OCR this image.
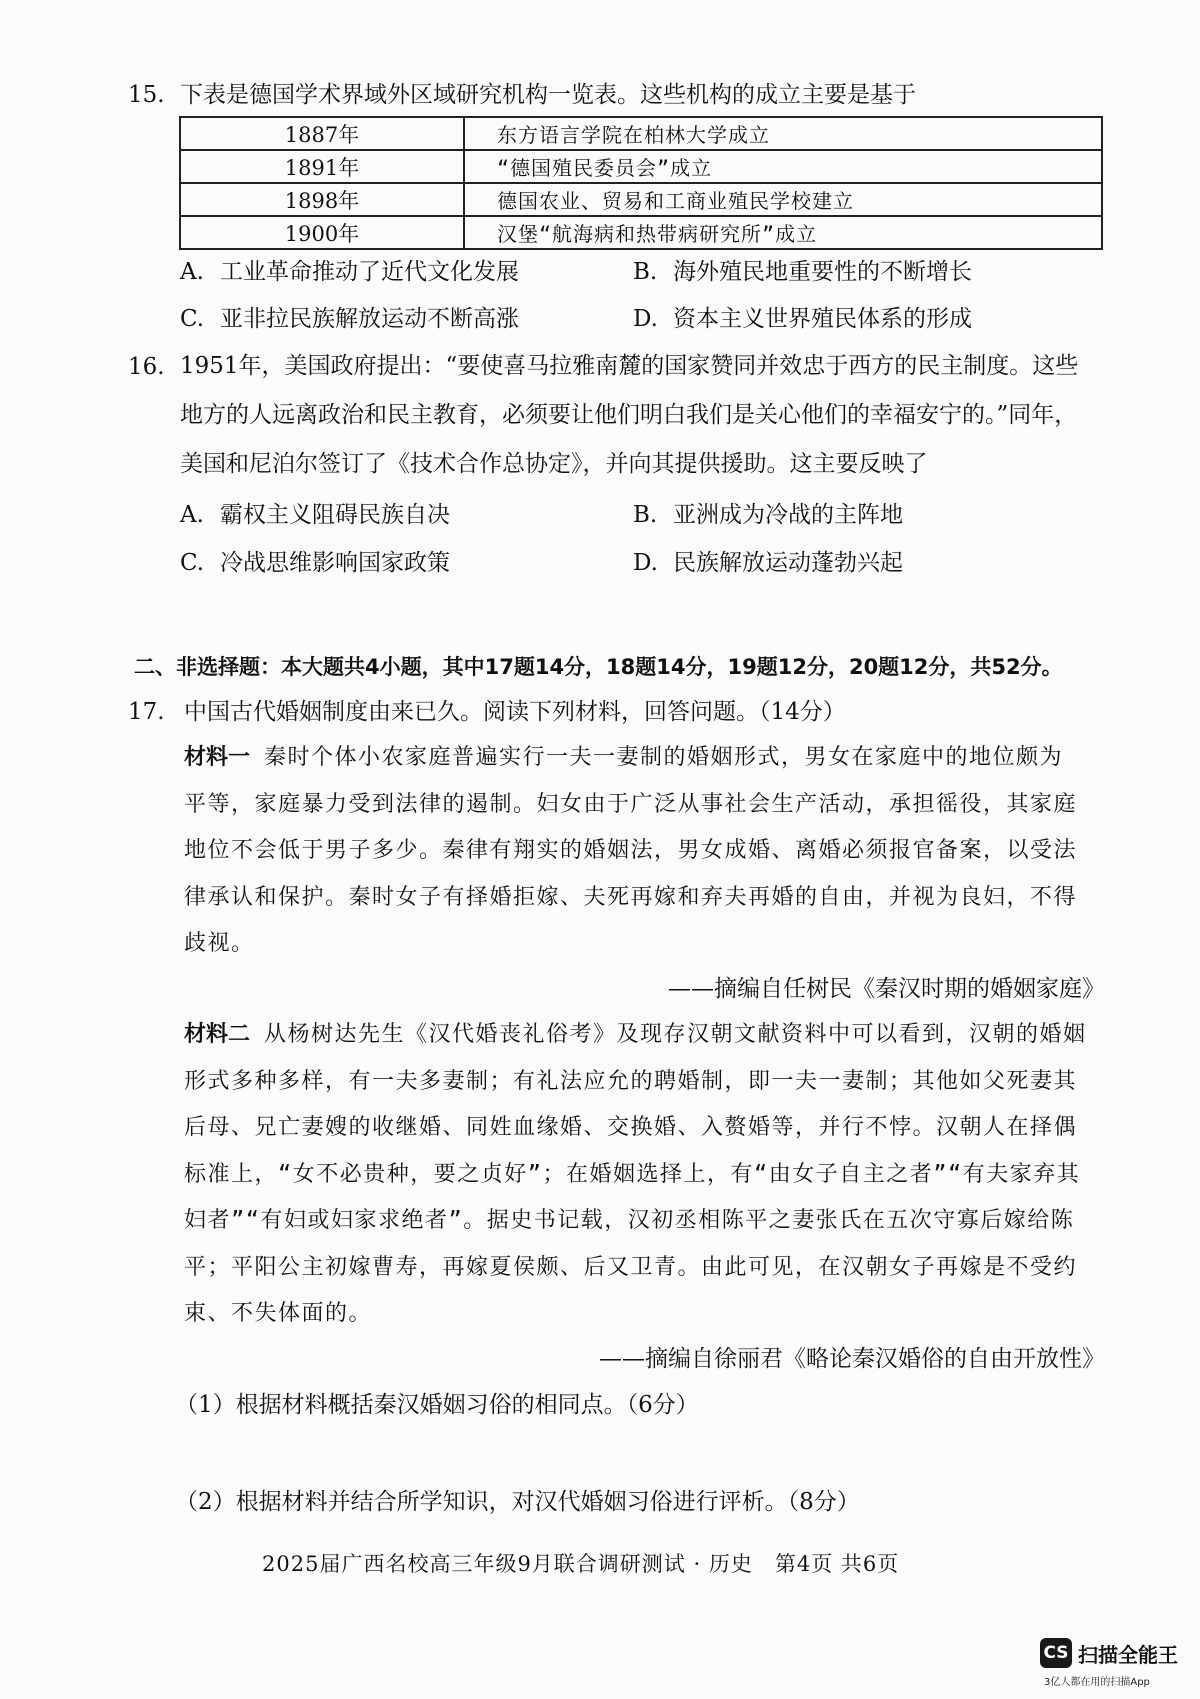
15. 下表是德国学术界域外区域研究机构一览表。这些机构的成立主要是基于
1887年	东方语言学院在柏林大学成立
1891年	“德国殖民委员会”成立
1898年	德国农业、贸易和工商业殖民学校建立
1900年	汉堡“航海病和热带病研究所”成立
A. 工业革命推动了近代文化发展	B. 海外殖民地重要性的不断增长
C. 亚非拉民族解放运动不断高涨	D. 资本主义世界殖民体系的形成
16. 1951年，美国政府提出：“要使喜马拉雅南麓的国家赞同并效忠于西方的民主制度。这些
地方的人远离政治和民主教育，必须要让他们明白我们是关心他们的幸福安宁的。”同年，
美国和尼泊尔签订了《技术合作总协定》，并向其提供援助。这主要反映了
A. 霸权主义阻碍民族自决	B. 亚洲成为冷战的主阵地
C. 冷战思维影响国家政策	D. 民族解放运动蓬勃兴起
二、非选择题：本大题共4小题，其中17题14分，18题14分，19题12分，20题12分，共52分。
17. 中国古代婚姻制度由来已久。阅读下列材料，回答问题。（14分）
材料一 秦时个体小农家庭普遍实行一夫一妻制的婚姻形式，男女在家庭中的地位颇为
平等，家庭暴力受到法律的遏制。妇女由于广泛从事社会生产活动，承担徭役，其家庭
地位不会低于男子多少。秦律有翔实的婚姻法，男女成婚、离婚必须报官备案，以受法
律承认和保护。秦时女子有择婚拒嫁、夫死再嫁和弃夫再婚的自由，并视为良妇，不得
歧视。
——摘编自任树民《秦汉时期的婚姻家庭》
材料二 从杨树达先生《汉代婚丧礼俗考》及现存汉朝文献资料中可以看到，汉朝的婚姻
形式多种多样，有一夫多妻制；有礼法应允的聘婚制，即一夫一妻制；其他如父死妻其
后母、兄亡妻嫂的收继婚、同姓血缘婚、交换婚、入赘婚等，并行不悖。汉朝人在择偶
标准上，“女不必贵种，要之贞好”；在婚姻选择上，有“由女子自主之者”“有夫家弃其
妇者”“有妇或妇家求绝者”。据史书记载，汉初丞相陈平之妻张氏在五次守寡后嫁给陈
平；平阳公主初嫁曹寿，再嫁夏侯颇、后又卫青。由此可见，在汉朝女子再嫁是不受约
束、不失体面的。
——摘编自徐丽君《略论秦汉婚俗的自由开放性》
（1）根据材料概括秦汉婚姻习俗的相同点。（6分）
（2）根据材料并结合所学知识，对汉代婚姻习俗进行评析。（8分）
2025届广西名校高三年级9月联合调研测试 · 历史　第4页 共6页
CS 扫描全能王
3亿人都在用的扫描App
